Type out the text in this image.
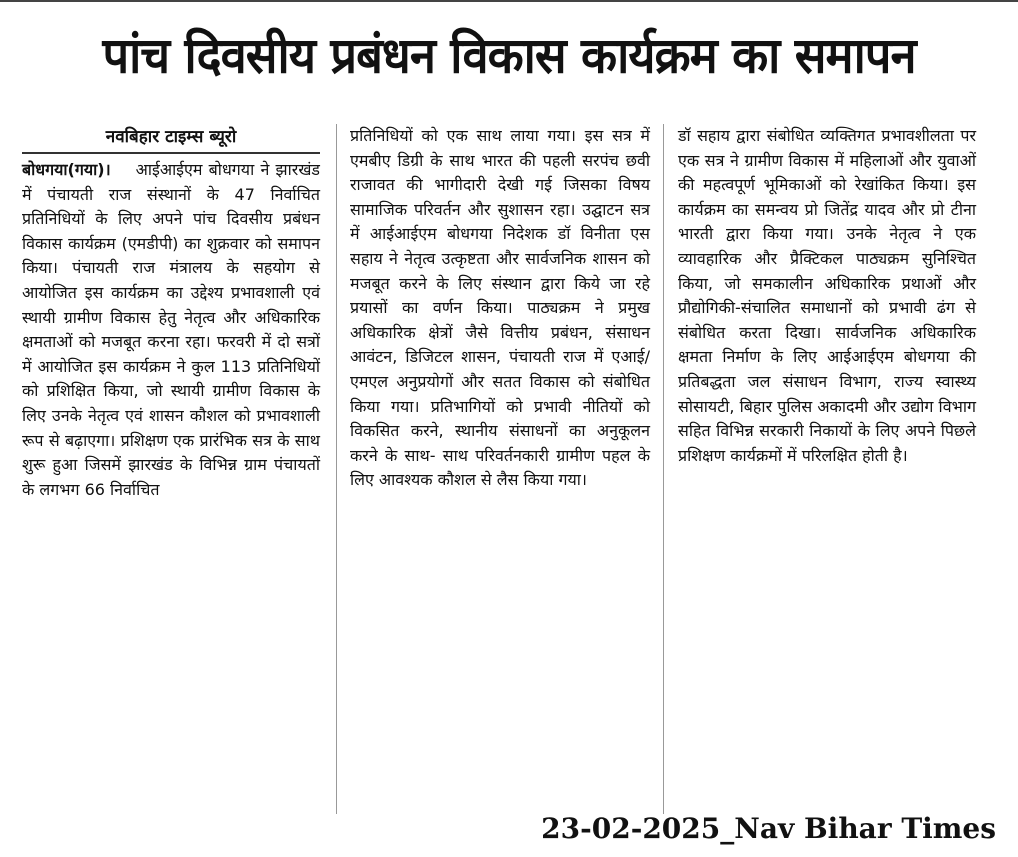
पांच दिवसीय प्रबंधन विकास कार्यक्रम का समापन
नवबिहार टाइम्स ब्यूरो

बोधगया(गया)। आईआईएम बोधगया ने झारखंड में पंचायती राज संस्थानों के 47 निर्वाचित प्रतिनिधियों के लिए अपने पांच दिवसीय प्रबंधन विकास कार्यक्रम (एमडीपी) का शुक्रवार को समापन किया। पंचायती राज मंत्रालय के सहयोग से आयोजित इस कार्यक्रम का उद्देश्य प्रभावशाली एवं स्थायी ग्रामीण विकास हेतु नेतृत्व और अधिकारिक क्षमताओं को मजबूत करना रहा। फरवरी में दो सत्रों में आयोजित इस कार्यक्रम ने कुल 113 प्रतिनिधियों को प्रशिक्षित किया, जो स्थायी ग्रामीण विकास के लिए उनके नेतृत्व एवं शासन कौशल को प्रभावशाली रूप से बढ़ाएगा। प्रशिक्षण एक प्रारंभिक सत्र के साथ शुरू हुआ जिसमें झारखंड के विभिन्न ग्राम पंचायतों के लगभग 66 निर्वाचित

प्रतिनिधियों को एक साथ लाया गया। इस सत्र में एमबीए डिग्री के साथ भारत की पहली सरपंच छवी राजावत की भागीदारी देखी गई जिसका विषय सामाजिक परिवर्तन और सुशासन रहा। उद्घाटन सत्र में आईआईएम बोधगया निदेशक डॉ विनीता एस सहाय ने नेतृत्व उत्कृष्टता और सार्वजनिक शासन को मजबूत करने के लिए संस्थान द्वारा किये जा रहे प्रयासों का वर्णन किया। पाठ्यक्रम ने प्रमुख अधिकारिक क्षेत्रों जैसे वित्तीय प्रबंधन, संसाधन आवंटन, डिजिटल शासन, पंचायती राज में एआई/एमएल अनुप्रयोगों और सतत विकास को संबोधित किया गया। प्रतिभागियों को प्रभावी नीतियों को विकसित करने, स्थानीय संसाधनों का अनुकूलन करने के साथ- साथ परिवर्तनकारी ग्रामीण पहल के लिए आवश्यक कौशल से लैस किया गया।

डॉ सहाय द्वारा संबोधित व्यक्तिगत प्रभावशीलता पर एक सत्र ने ग्रामीण विकास में महिलाओं और युवाओं की महत्वपूर्ण भूमिकाओं को रेखांकित किया। इस कार्यक्रम का समन्वय प्रो जितेंद्र यादव और प्रो टीना भारती द्वारा किया गया। उनके नेतृत्व ने एक व्यावहारिक और प्रैक्टिकल पाठ्यक्रम सुनिश्चित किया, जो समकालीन अधिकारिक प्रथाओं और प्रौद्योगिकी-संचालित समाधानों को प्रभावी ढंग से संबोधित करता दिखा। सार्वजनिक अधिकारिक क्षमता निर्माण के लिए आईआईएम बोधगया की प्रतिबद्धता जल संसाधन विभाग, राज्य स्वास्थ्य सोसायटी, बिहार पुलिस अकादमी और उद्योग विभाग सहित विभिन्न सरकारी निकायों के लिए अपने पिछले प्रशिक्षण कार्यक्रमों में परिलक्षित होती है।

23-02-2025_Nav Bihar Times
